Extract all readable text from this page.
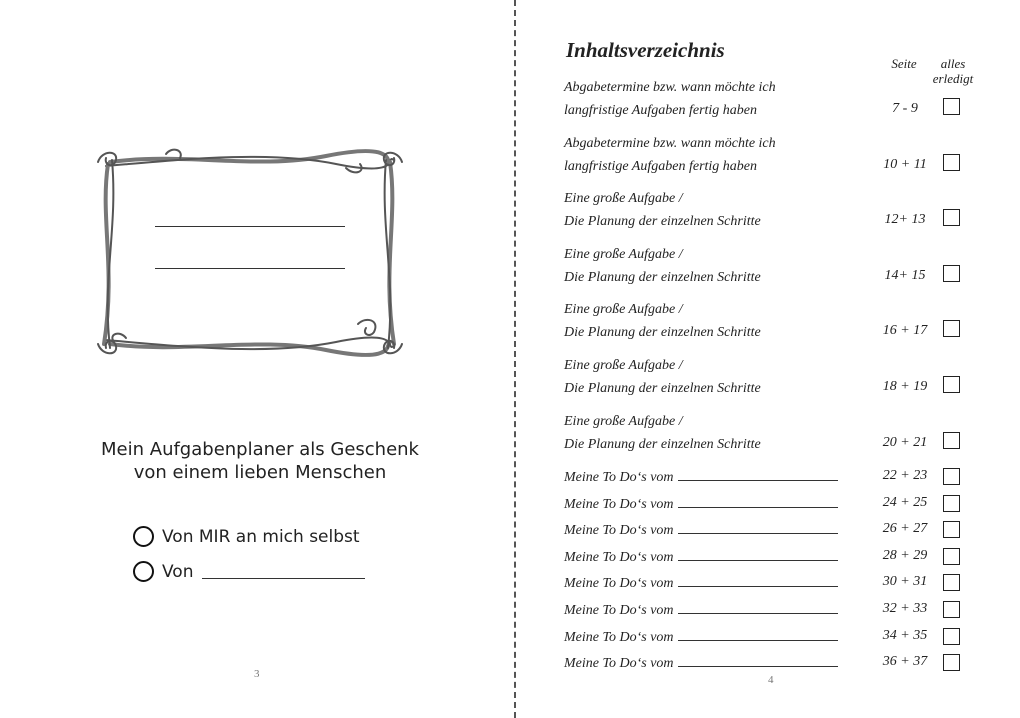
Mein Aufgabenplaner als Geschenk
von einem lieben Menschen
Von MIR an mich selbst
Von
3
Inhaltsverzeichnis
Seite	alles
erledigt
Abgabetermine bzw. wann möchte ich
langfristige Aufgaben fertig haben	7 - 9
Abgabetermine bzw. wann möchte ich
langfristige Aufgaben fertig haben	10 + 11
Eine große Aufgabe /
Die Planung der einzelnen Schritte	12+ 13
Eine große Aufgabe /
Die Planung der einzelnen Schritte	14+ 15
Eine große Aufgabe /
Die Planung der einzelnen Schritte	16 + 17
Eine große Aufgabe /
Die Planung der einzelnen Schritte	18 + 19
Eine große Aufgabe /
Die Planung der einzelnen Schritte	20 + 21
Meine To Do‘s vom	22 + 23
Meine To Do‘s vom	24 + 25
Meine To Do‘s vom	26 + 27
Meine To Do‘s vom	28 + 29
Meine To Do‘s vom	30 + 31
Meine To Do‘s vom	32 + 33
Meine To Do‘s vom	34 + 35
Meine To Do‘s vom	36 + 37
4
